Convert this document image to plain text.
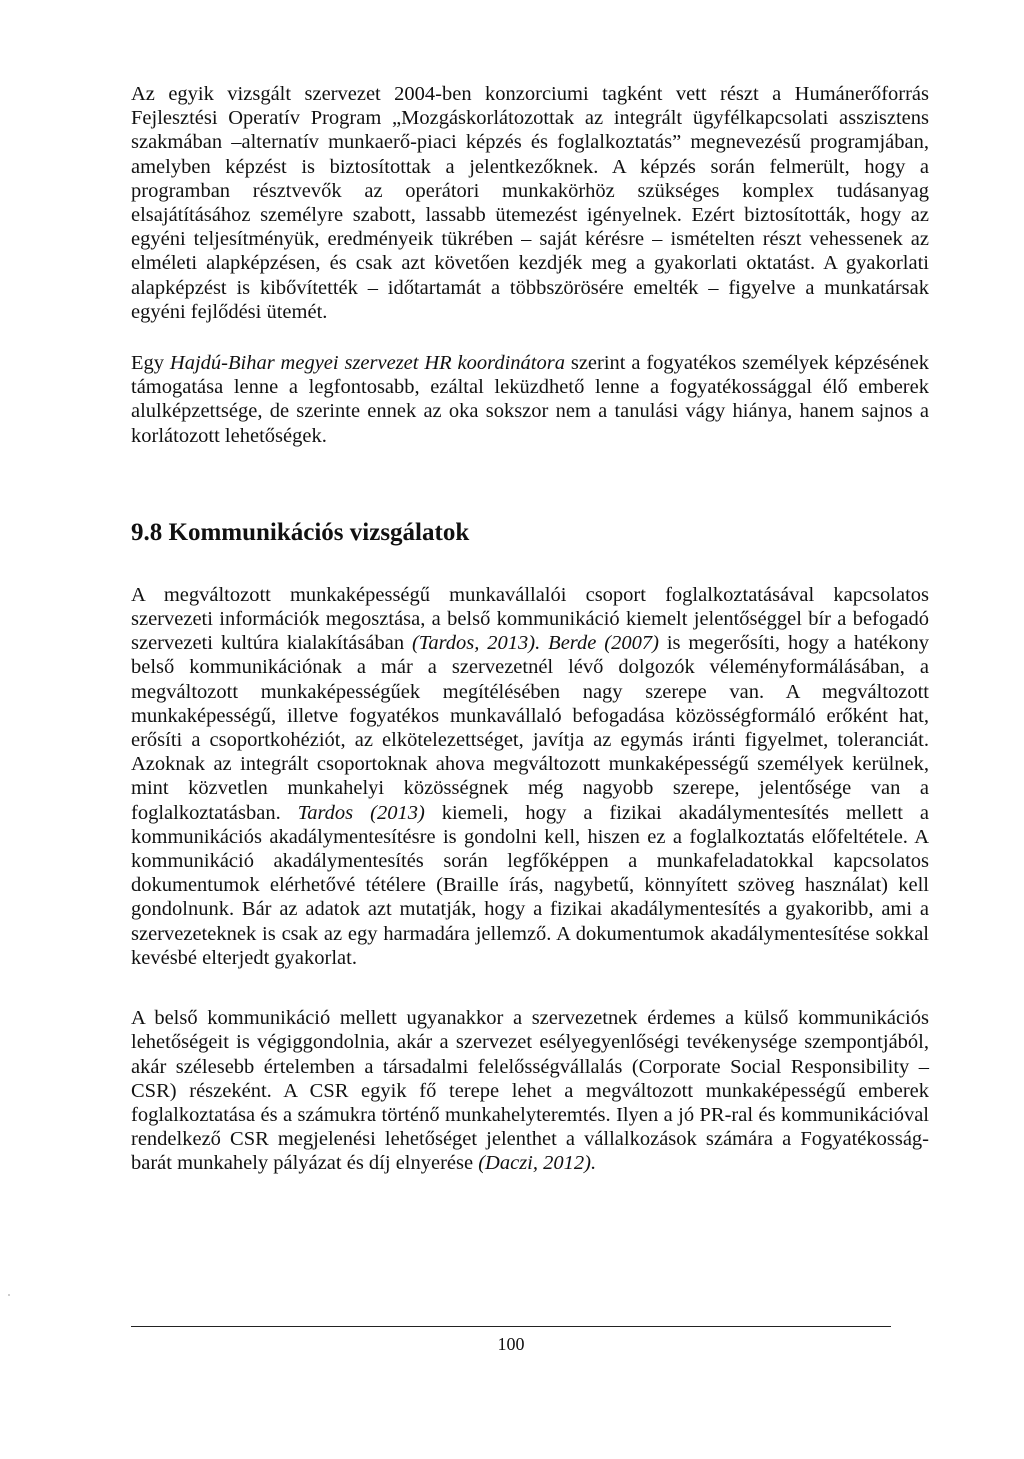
Az egyik vizsgált szervezet 2004-ben konzorciumi tagként vett részt a Humánerőforrás Fejlesztési Operatív Program „Mozgáskorlátozottak az integrált ügyfélkapcsolati asszisztens szakmában –alternatív munkaerő-piaci képzés és foglalkoztatás” megnevezésű programjában, amelyben képzést is biztosítottak a jelentkezőknek. A képzés során felmerült, hogy a programban résztvevők az operátori munkakörhöz szükséges komplex tudásanyag elsajátításához személyre szabott, lassabb ütemezést igényelnek. Ezért biztosították, hogy az egyéni teljesítményük, eredményeik tükrében – saját kérésre – ismételten részt vehessenek az elméleti alapképzésen, és csak azt követően kezdjék meg a gyakorlati oktatást. A gyakorlati alapképzést is kibővítették – időtartamát a többszörösére emelték – figyelve a munkatársak egyéni fejlődési ütemét.

Egy Hajdú-Bihar megyei szervezet HR koordinátora szerint a fogyatékos személyek képzésének támogatása lenne a legfontosabb, ezáltal leküzdhető lenne a fogyatékossággal élő emberek alulképzettsége, de szerinte ennek az oka sokszor nem a tanulási vágy hiánya, hanem sajnos a korlátozott lehetőségek.

9.8 Kommunikációs vizsgálatok

A megváltozott munkaképességű munkavállalói csoport foglalkoztatásával kapcsolatos szervezeti információk megosztása, a belső kommunikáció kiemelt jelentőséggel bír a befogadó szervezeti kultúra kialakításában (Tardos, 2013). Berde (2007) is megerősíti, hogy a hatékony belső kommunikációnak a már a szervezetnél lévő dolgozók véleményformálásában, a megváltozott munkaképességűek megítélésében nagy szerepe van. A megváltozott munkaképességű, illetve fogyatékos munkavállaló befogadása közösségformáló erőként hat, erősíti a csoportkohéziót, az elkötelezettséget, javítja az egymás iránti figyelmet, toleranciát. Azoknak az integrált csoportoknak ahova megváltozott munkaképességű személyek kerülnek, mint közvetlen munkahelyi közösségnek még nagyobb szerepe, jelentősége van a foglalkoztatásban. Tardos (2013) kiemeli, hogy a fizikai akadálymentesítés mellett a kommunikációs akadálymentesítésre is gondolni kell, hiszen ez a foglalkoztatás előfeltétele. A kommunikáció akadálymentesítés során legfőképpen a munkafeladatokkal kapcsolatos dokumentumok elérhetővé tétélere (Braille írás, nagybetű, könnyített szöveg használat) kell gondolnunk. Bár az adatok azt mutatják, hogy a fizikai akadálymentesítés a gyakoribb, ami a szervezeteknek is csak az egy harmadára jellemző. A dokumentumok akadálymentesítése sokkal kevésbé elterjedt gyakorlat.

A belső kommunikáció mellett ugyanakkor a szervezetnek érdemes a külső kommunikációs lehetőségeit is végiggondolnia, akár a szervezet esélyegyenlőségi tevékenysége szempontjából, akár szélesebb értelemben a társadalmi felelősségvállalás (Corporate Social Responsibility – CSR) részeként. A CSR egyik fő terepe lehet a megváltozott munkaképességű emberek foglalkoztatása és a számukra történő munkahelyteremtés. Ilyen a jó PR-ral és kommunikációval rendelkező CSR megjelenési lehetőséget jelenthet a vállalkozások számára a Fogyatékosság-barát munkahely pályázat és díj elnyerése (Daczi, 2012).

100
